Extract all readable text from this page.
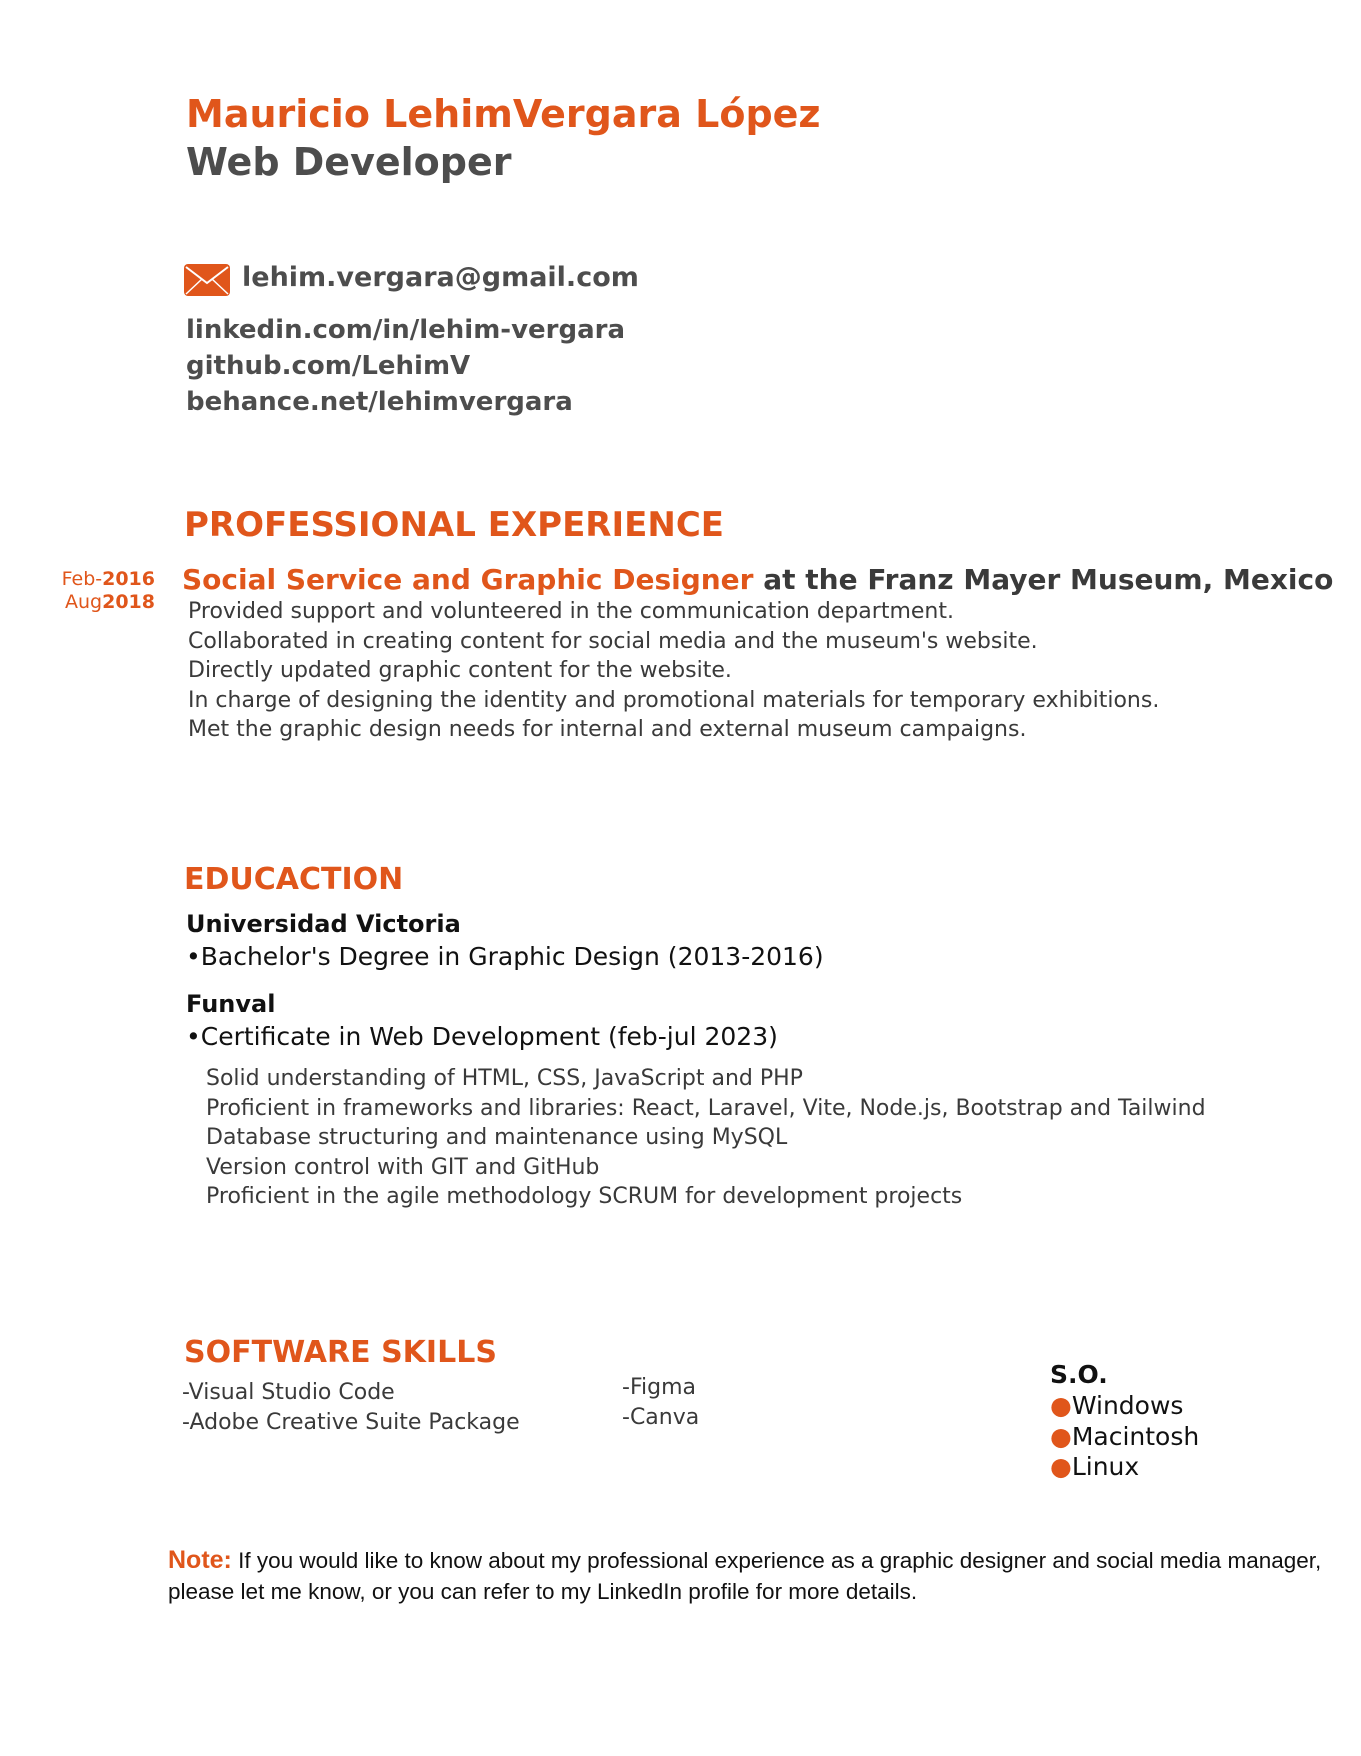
Mauricio LehimVergara López
Web Developer
lehim.vergara@gmail.com
linkedin.com/in/lehim-vergara
github.com/LehimV
behance.net/lehimvergara
PROFESSIONAL EXPERIENCE
Feb-2016
Aug2018
Social Service and Graphic Designer at the Franz Mayer Museum, Mexico
Provided support and volunteered in the communication department.
Collaborated in creating content for social media and the museum's website.
Directly updated graphic content for the website.
In charge of designing the identity and promotional materials for temporary exhibitions.
Met the graphic design needs for internal and external museum campaigns.
EDUCACTION
Universidad Victoria
•Bachelor's Degree in Graphic Design (2013-2016)
Funval
•Certificate in Web Development (feb-jul 2023)
Solid understanding of HTML, CSS, JavaScript and PHP
Proficient in frameworks and libraries: React, Laravel, Vite, Node.js, Bootstrap and Tailwind
Database structuring and maintenance using MySQL
Version control with GIT and GitHub
Proficient in the agile methodology SCRUM for development projects
SOFTWARE SKILLS
-Visual Studio Code
-Adobe Creative Suite Package
-Figma
-Canva
S.O.
●Windows
●Macintosh
●Linux
Note: If you would like to know about my professional experience as a graphic designer and social media manager, please let me know, or you can refer to my LinkedIn profile for more details.
